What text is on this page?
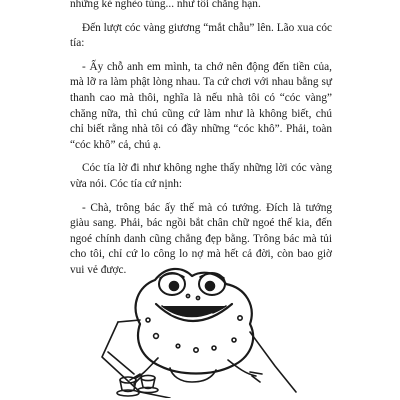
những kẻ nghèo túng... như tôi chẳng hạn.

Đến lượt cóc vàng giương “mắt chẫu” lên. Lão xua cóc tía:

- Ấy chỗ anh em mình, ta chớ nên động đến tiền của, mà lỡ ra làm phật lòng nhau. Ta cứ chơi với nhau bằng sự thanh cao mà thôi, nghĩa là nếu nhà tôi có “cóc vàng” chăng nữa, thì chú cũng cứ làm như là không biết, chú chỉ biết rằng nhà tôi có đầy những “cóc khô”. Phải, toàn “cóc khô” cả, chú ạ.

Cóc tía lờ đi như không nghe thấy những lời cóc vàng vừa nói. Cóc tía cứ nịnh:

- Chà, trông bác ấy thế mà có tướng. Đích là tướng giàu sang. Phải, bác ngồi bắt chân chữ ngoé thế kia, đến ngoé chính danh cũng chẳng đẹp bằng. Trông bác mà tủi cho tôi, chỉ cứ lo công lo nợ mà hết cả đời, còn bao giờ vui vẻ được.
